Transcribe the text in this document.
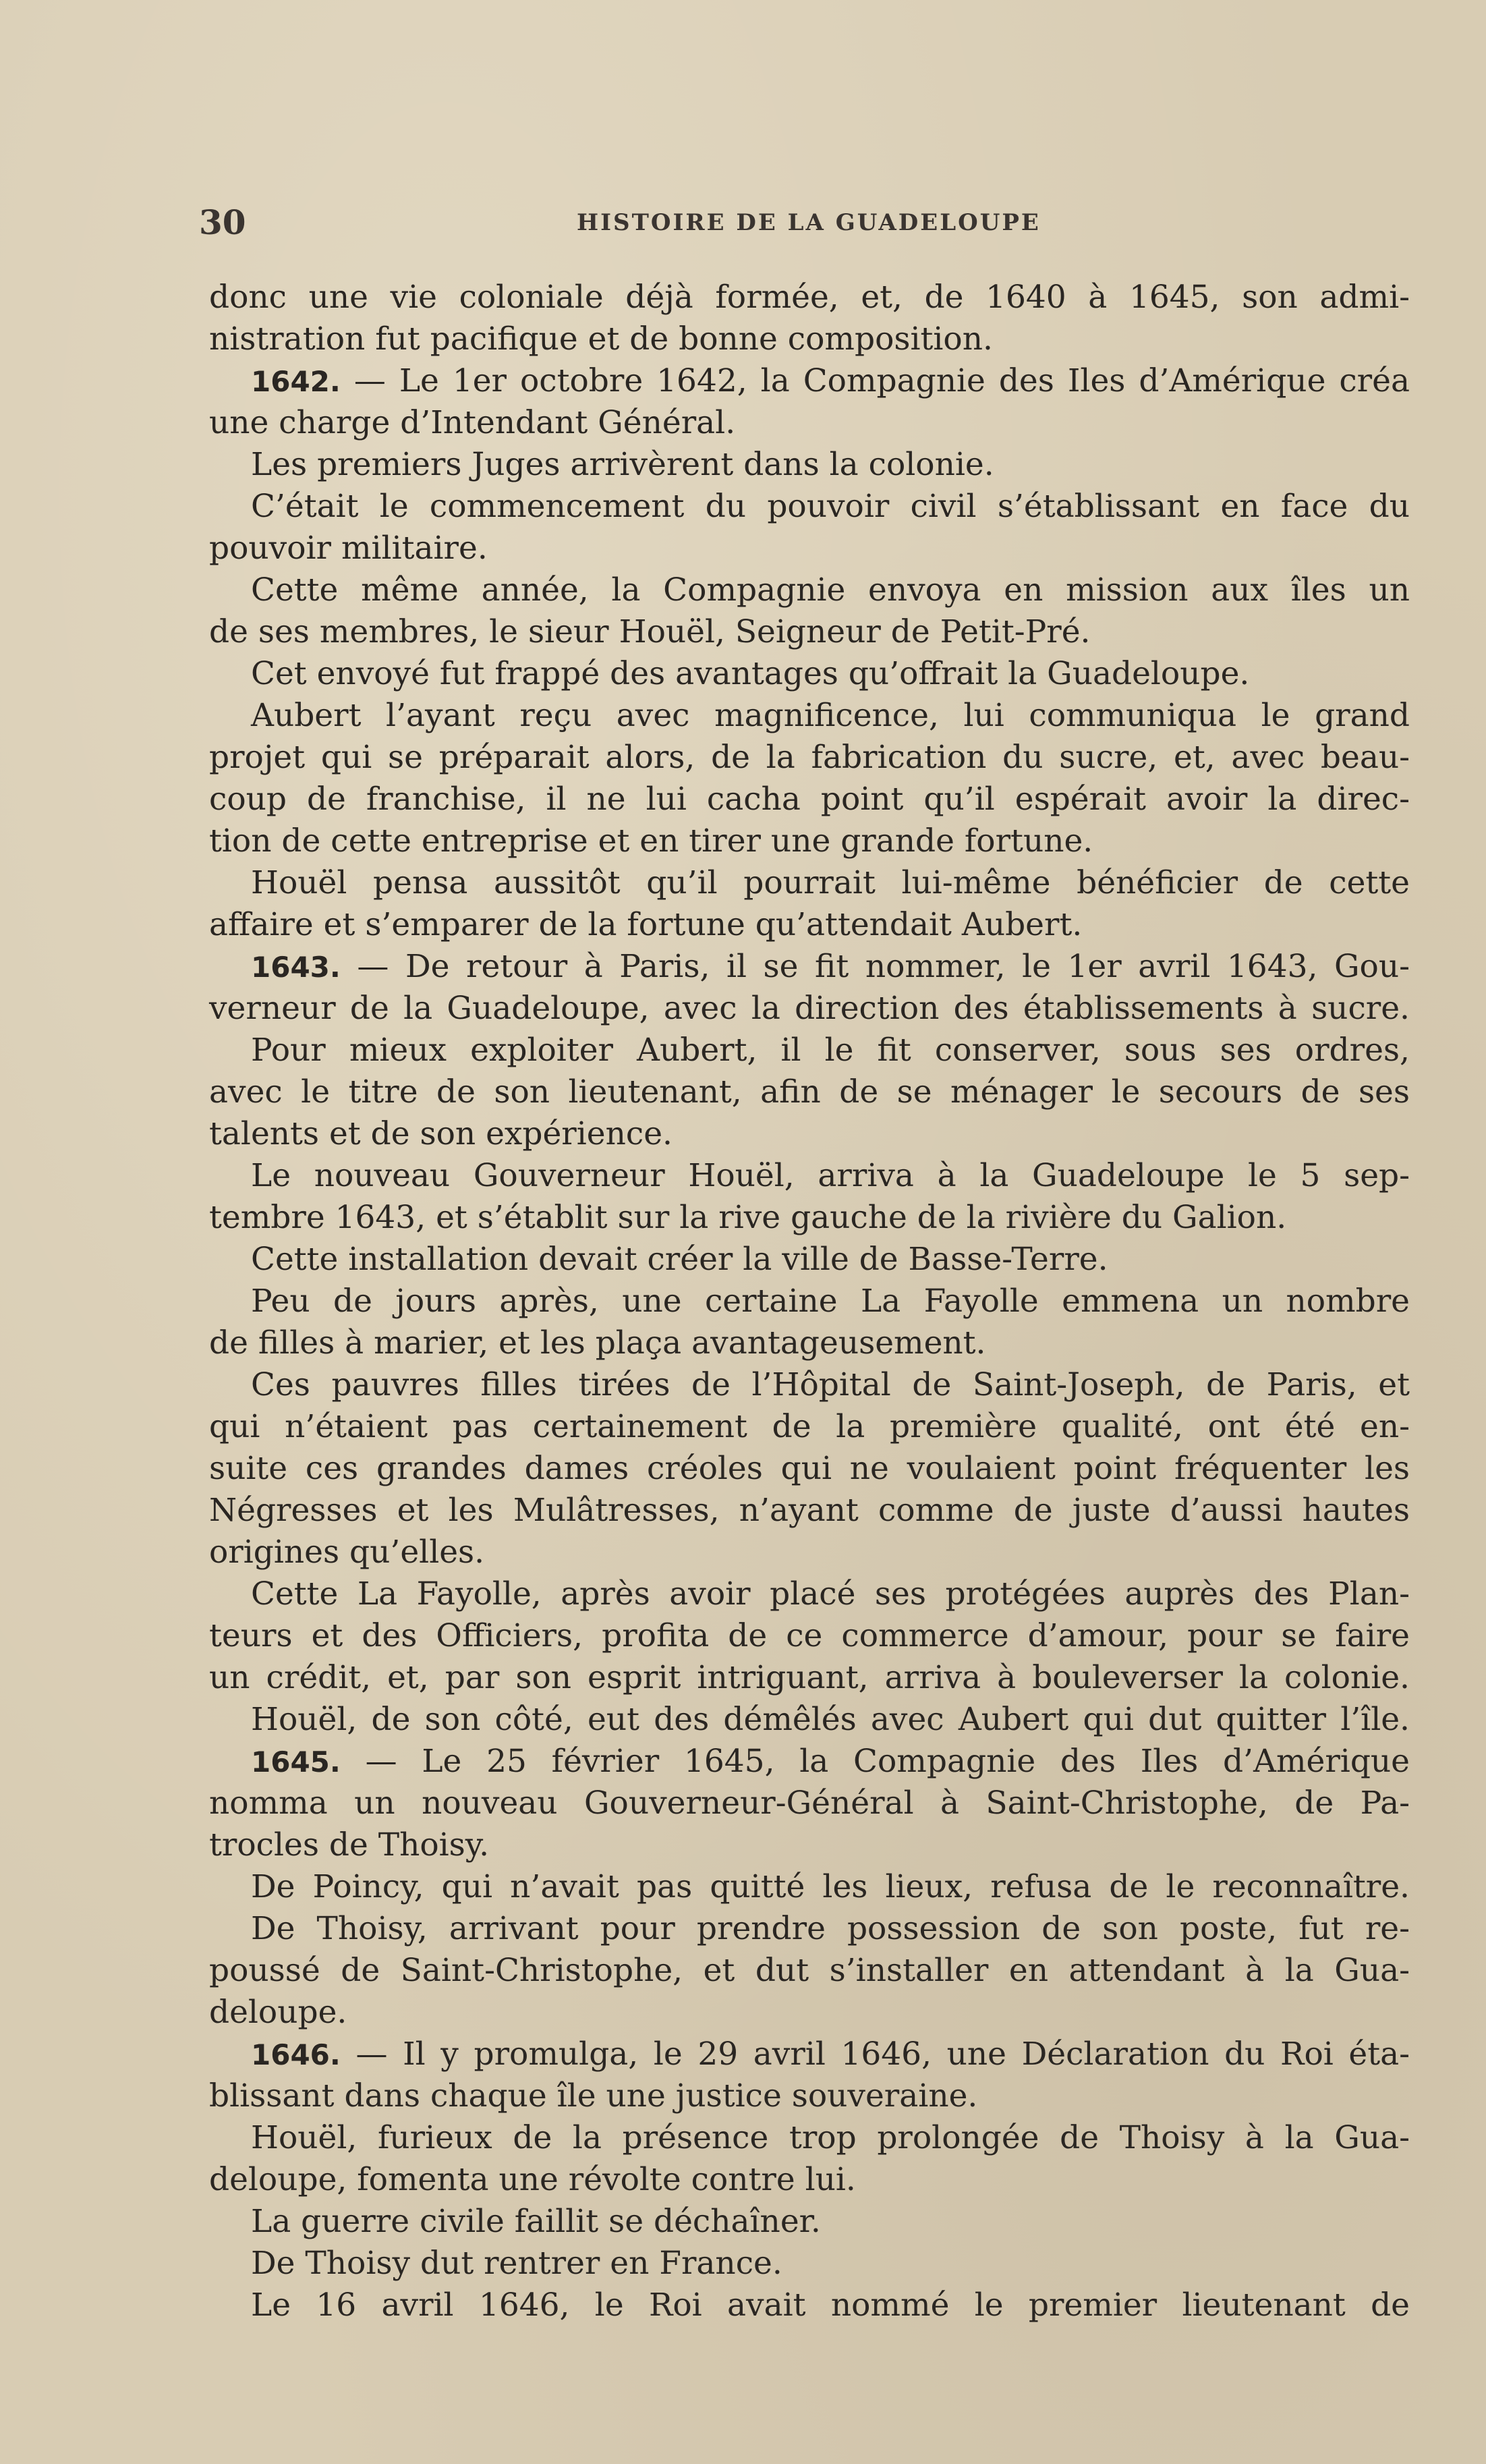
30	HISTOIRE DE LA GUADELOUPE
donc une vie coloniale déjà formée, et, de 1640 à 1645, son admi-
nistration fut pacifique et de bonne composition.
1642. — Le 1er octobre 1642, la Compagnie des Iles d’Amérique créa
une charge d’Intendant Général.
Les premiers Juges arrivèrent dans la colonie.
C’était le commencement du pouvoir civil s’établissant en face du
pouvoir militaire.
Cette même année, la Compagnie envoya en mission aux îles un
de ses membres, le sieur Houël, Seigneur de Petit-Pré.
Cet envoyé fut frappé des avantages qu’offrait la Guadeloupe.
Aubert l’ayant reçu avec magnificence, lui communiqua le grand
projet qui se préparait alors, de la fabrication du sucre, et, avec beau-
coup de franchise, il ne lui cacha point qu’il espérait avoir la direc-
tion de cette entreprise et en tirer une grande fortune.
Houël pensa aussitôt qu’il pourrait lui-même bénéficier de cette
affaire et s’emparer de la fortune qu’attendait Aubert.
1643. — De retour à Paris, il se fit nommer, le 1er avril 1643, Gou-
verneur de la Guadeloupe, avec la direction des établissements à sucre.
Pour mieux exploiter Aubert, il le fit conserver, sous ses ordres,
avec le titre de son lieutenant, afin de se ménager le secours de ses
talents et de son expérience.
Le nouveau Gouverneur Houël, arriva à la Guadeloupe le 5 sep-
tembre 1643, et s’établit sur la rive gauche de la rivière du Galion.
Cette installation devait créer la ville de Basse-Terre.
Peu de jours après, une certaine La Fayolle emmena un nombre
de filles à marier, et les plaça avantageusement.
Ces pauvres filles tirées de l’Hôpital de Saint-Joseph, de Paris, et
qui n’étaient pas certainement de la première qualité, ont été en-
suite ces grandes dames créoles qui ne voulaient point fréquenter les
Négresses et les Mulâtresses, n’ayant comme de juste d’aussi hautes
origines qu’elles.
Cette La Fayolle, après avoir placé ses protégées auprès des Plan-
teurs et des Officiers, profita de ce commerce d’amour, pour se faire
un crédit, et, par son esprit intriguant, arriva à bouleverser la colonie.
Houël, de son côté, eut des démêlés avec Aubert qui dut quitter l’île.
1645. — Le 25 février 1645, la Compagnie des Iles d’Amérique
nomma un nouveau Gouverneur-Général à Saint-Christophe, de Pa-
trocles de Thoisy.
De Poincy, qui n’avait pas quitté les lieux, refusa de le reconnaître.
De Thoisy, arrivant pour prendre possession de son poste, fut re-
poussé de Saint-Christophe, et dut s’installer en attendant à la Gua-
deloupe.
1646. — Il y promulga, le 29 avril 1646, une Déclaration du Roi éta-
blissant dans chaque île une justice souveraine.
Houël, furieux de la présence trop prolongée de Thoisy à la Gua-
deloupe, fomenta une révolte contre lui.
La guerre civile faillit se déchaîner.
De Thoisy dut rentrer en France.
Le 16 avril 1646, le Roi avait nommé le premier lieutenant de
